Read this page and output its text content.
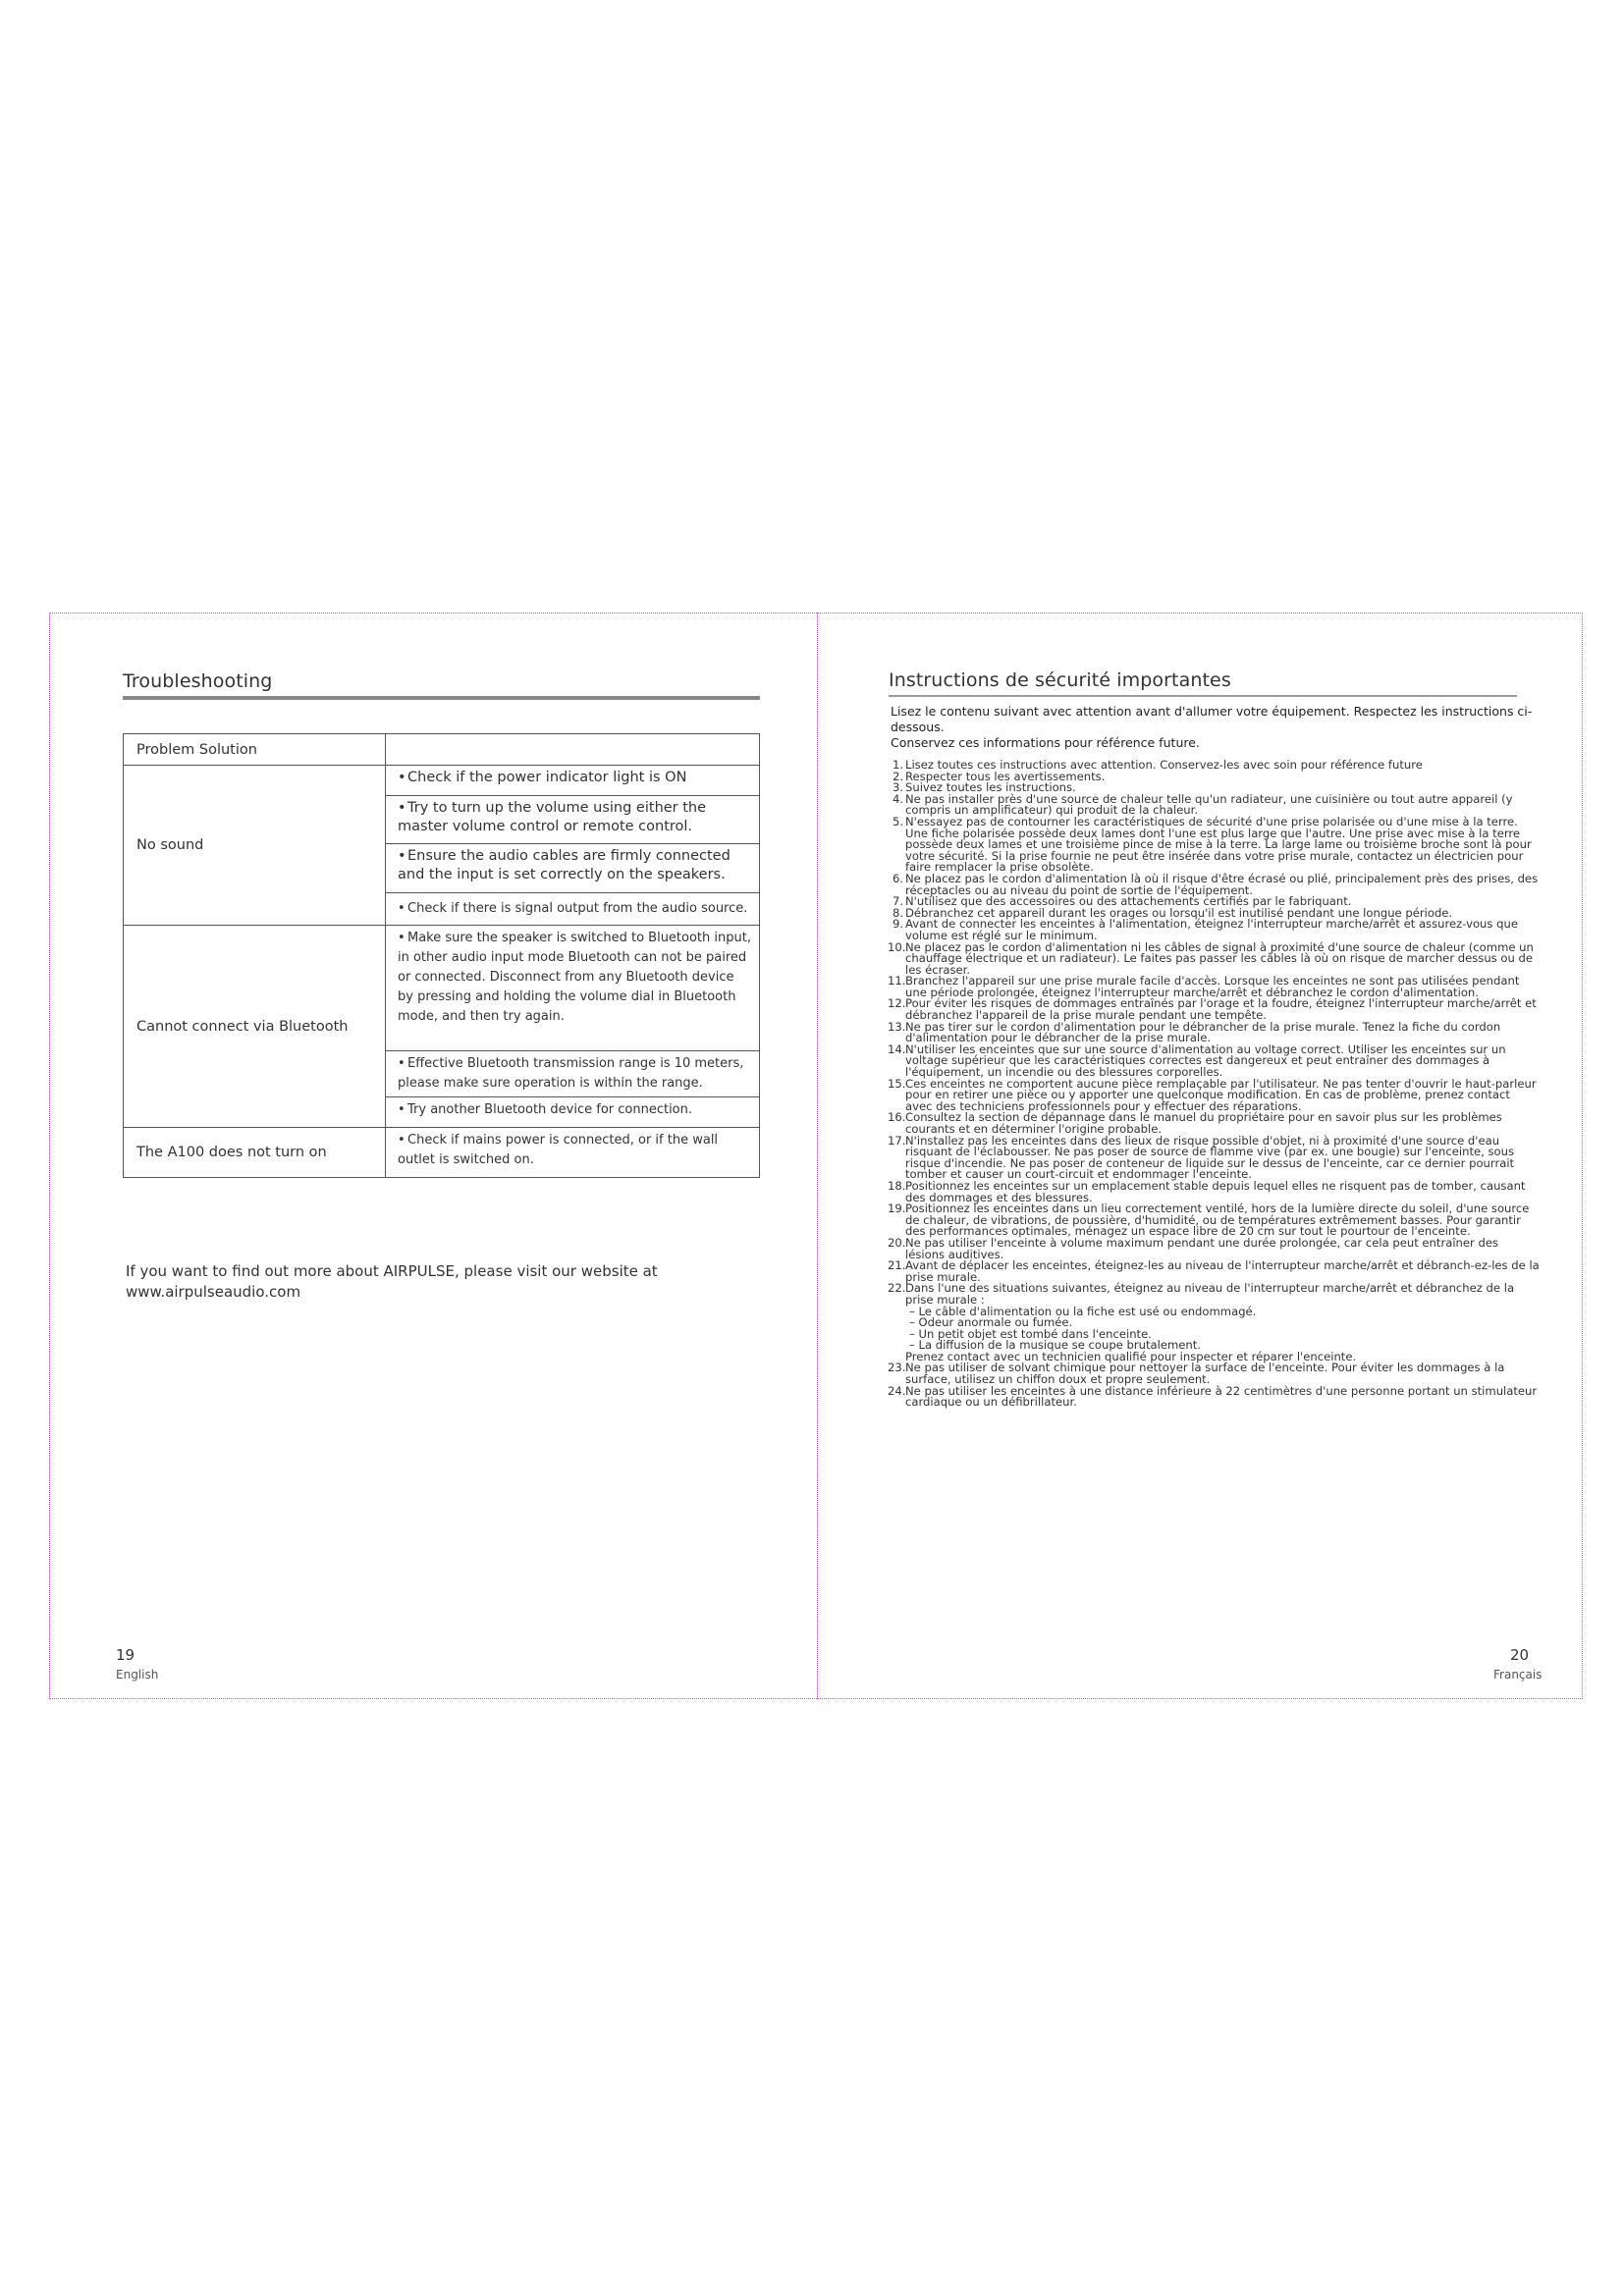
Troubleshooting
Problem Solution	
No sound	•Check if the power indicator light is ON
•Try to turn up the volume using either the master volume control or remote control.
•Ensure the audio cables are firmly connected and the input is set correctly on the speakers.
• Check if there is signal output from the audio source.

Cannot connect via Bluetooth	• Make sure the speaker is switched to Bluetooth input, in other audio input mode Bluetooth can not be paired or connected. Disconnect from any Bluetooth device by pressing and holding the volume dial in Bluetooth mode, and then try again.
• Effective Bluetooth transmission range is 10 meters, please make sure operation is within the range.
• Try another Bluetooth device for connection.

The A100 does not turn on	• Check if mains power is connected, or if the wall outlet is switched on.
If you want to find out more about AIRPULSE, please visit our website at
www.airpulseaudio.com
19
English
Instructions de sécurité importantes
Lisez le contenu suivant avec attention avant d'allumer votre équipement. Respectez les instructions ci-dessous.
Conservez ces informations pour référence future.
1. Lisez toutes ces instructions avec attention. Conservez-les avec soin pour référence future
2. Respecter tous les avertissements.
3. Suivez toutes les instructions.
4. Ne pas installer près d'une source de chaleur telle qu'un radiateur, une cuisinière ou tout autre appareil (y compris un amplificateur) qui produit de la chaleur.
5. N'essayez pas de contourner les caractéristiques de sécurité d'une prise polarisée ou d'une mise à la terre. Une fiche polarisée possède deux lames dont l'une est plus large que l'autre. Une prise avec mise à la terre possède deux lames et une troisième pince de mise à la terre. La large lame ou troisième broche sont là pour votre sécurité. Si la prise fournie ne peut être insérée dans votre prise murale, contactez un électricien pour faire remplacer la prise obsolète.
6. Ne placez pas le cordon d'alimentation là où il risque d'être écrasé ou plié, principalement près des prises, des réceptacles ou au niveau du point de sortie de l'équipement.
7. N'utilisez que des accessoires ou des attachements certifiés par le fabriquant.
8. Débranchez cet appareil durant les orages ou lorsqu'il est inutilisé pendant une longue période.
9. Avant de connecter les enceintes à l'alimentation, éteignez l'interrupteur marche/arrêt et assurez-vous que volume est réglé sur le minimum.
10. Ne placez pas le cordon d'alimentation ni les câbles de signal à proximité d'une source de chaleur (comme un chauffage électrique et un radiateur). Le faites pas passer les câbles là où on risque de marcher dessus ou de les écraser.
11. Branchez l'appareil sur une prise murale facile d'accès. Lorsque les enceintes ne sont pas utilisées pendant une période prolongée, éteignez l'interrupteur marche/arrêt et débranchez le cordon d'alimentation.
12. Pour éviter les risques de dommages entraînés par l'orage et la foudre, éteignez l'interrupteur marche/arrêt et débranchez l'appareil de la prise murale pendant une tempête.
13. Ne pas tirer sur le cordon d'alimentation pour le débrancher de la prise murale. Tenez la fiche du cordon d'alimentation pour le débrancher de la prise murale.
14. N'utiliser les enceintes que sur une source d'alimentation au voltage correct. Utiliser les enceintes sur un voltage supérieur que les caractéristiques correctes est dangereux et peut entraîner des dommages à l'équipement, un incendie ou des blessures corporelles.
15. Ces enceintes ne comportent aucune pièce remplaçable par l'utilisateur. Ne pas tenter d'ouvrir le haut-parleur pour en retirer une pièce ou y apporter une quelconque modification. En cas de problème, prenez contact avec des techniciens professionnels pour y effectuer des réparations.
16. Consultez la section de dépannage dans le manuel du propriétaire pour en savoir plus sur les problèmes courants et en déterminer l'origine probable.
17. N'installez pas les enceintes dans des lieux de risque possible d'objet, ni à proximité d'une source d'eau risquant de l'éclabousser. Ne pas poser de source de flamme vive (par ex. une bougie) sur l'enceinte, sous risque d'incendie. Ne pas poser de conteneur de liquide sur le dessus de l'enceinte, car ce dernier pourrait tomber et causer un court-circuit et endommager l'enceinte.
18. Positionnez les enceintes sur un emplacement stable depuis lequel elles ne risquent pas de tomber, causant des dommages et des blessures.
19. Positionnez les enceintes dans un lieu correctement ventilé, hors de la lumière directe du soleil, d'une source de chaleur, de vibrations, de poussière, d'humidité, ou de températures extrêmement basses. Pour garantir des performances optimales, ménagez un espace libre de 20 cm sur tout le pourtour de l'enceinte.
20. Ne pas utiliser l'enceinte à volume maximum pendant une durée prolongée, car cela peut entraîner des lésions auditives.
21. Avant de déplacer les enceintes, éteignez-les au niveau de l'interrupteur marche/arrêt et débranch-ez-les de la prise murale.
22. Dans l'une des situations suivantes, éteignez au niveau de l'interrupteur marche/arrêt et débranchez de la prise murale :
– Le câble d'alimentation ou la fiche est usé ou endommagé.
– Odeur anormale ou fumée.
– Un petit objet est tombé dans l'enceinte.
– La diffusion de la musique se coupe brutalement.
Prenez contact avec un technicien qualifié pour inspecter et réparer l'enceinte.
23. Ne pas utiliser de solvant chimique pour nettoyer la surface de l'enceinte. Pour éviter les dommages à la surface, utilisez un chiffon doux et propre seulement.
24. Ne pas utiliser les enceintes à une distance inférieure à 22 centimètres d'une personne portant un stimulateur cardiaque ou un défibrillateur.
20
Français
